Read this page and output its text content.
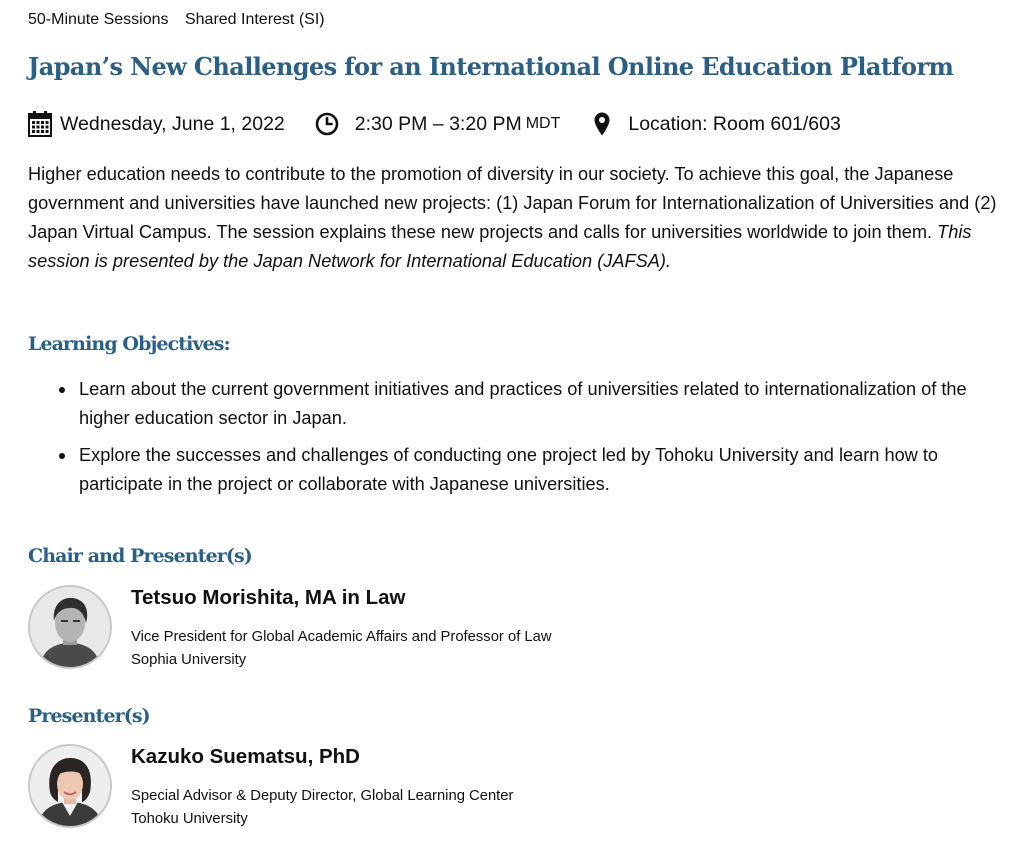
50-Minute Sessions Shared Interest (SI)
Japan’s New Challenges for an International Online Education Platform
Wednesday, June 1, 2022	2:30 PM – 3:20 PM MDT	Location: Room 601/603

Higher education needs to contribute to the promotion of diversity in our society. To achieve this goal, the Japanese government and universities have launched new projects: (1) Japan Forum for Internationalization of Universities and (2) Japan Virtual Campus. The session explains these new projects and calls for universities worldwide to join them. This session is presented by the Japan Network for International Education (JAFSA).

Learning Objectives:
Learn about the current government initiatives and practices of universities related to internationalization of the higher education sector in Japan.
Explore the successes and challenges of conducting one project led by Tohoku University and learn how to participate in the project or collaborate with Japanese universities.
Chair and Presenter(s)
Tetsuo Morishita, MA in Law
Vice President for Global Academic Affairs and Professor of Law
Sophia University
Presenter(s)
Kazuko Suematsu, PhD
Special Advisor & Deputy Director, Global Learning Center
Tohoku University
